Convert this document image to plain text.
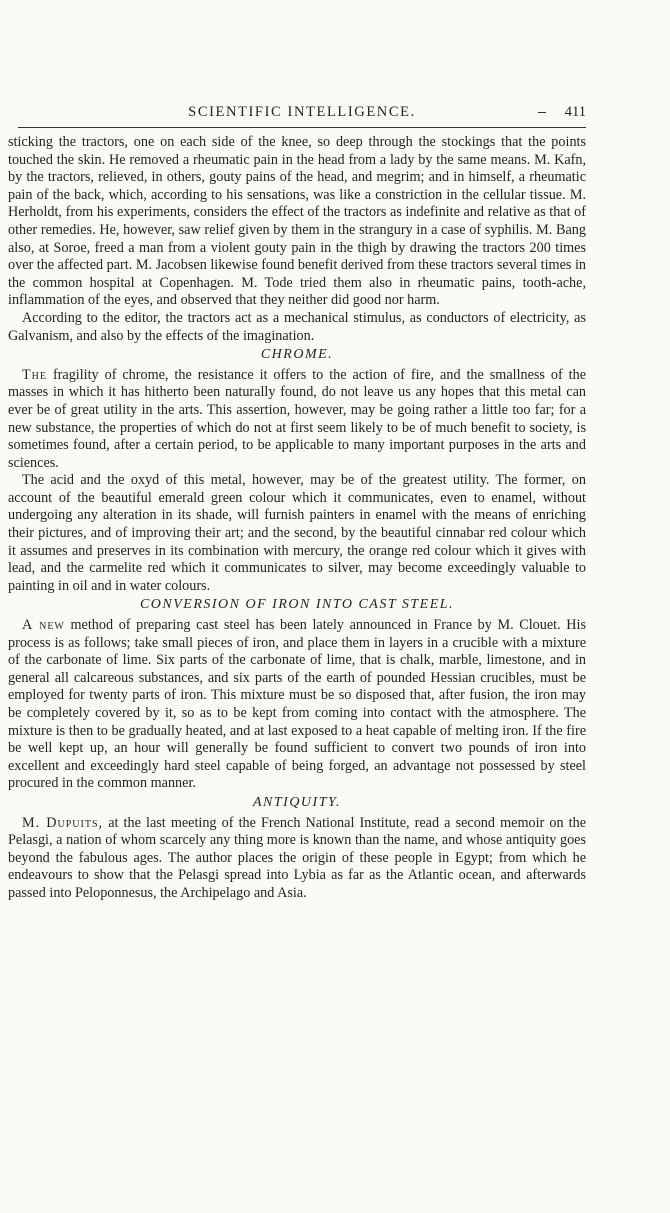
SCIENTIFIC INTELLIGENCE.	411

sticking the tractors, one on each side of the knee, so deep through the stockings that the points touched the skin. He removed a rheumatic pain in the head from a lady by the same means. M. Kafn, by the tractors, relieved, in others, gouty pains of the head, and megrim; and in himself, a rheumatic pain of the back, which, according to his sensations, was like a constriction in the cellular tissue. M. Herholdt, from his experiments, considers the effect of the tractors as indefinite and relative as that of other remedies. He, however, saw relief given by them in the strangury in a case of syphilis. M. Bang also, at Soroe, freed a man from a violent gouty pain in the thigh by drawing the tractors 200 times over the affected part. M. Jacobsen likewise found benefit derived from these tractors several times in the common hospital at Copenhagen. M. Tode tried them also in rheumatic pains, tooth-ache, inflammation of the eyes, and observed that they neither did good nor harm.

According to the editor, the tractors act as a mechanical stimulus, as conductors of electricity, as Galvanism, and also by the effects of the imagination.

CHROME.

The fragility of chrome, the resistance it offers to the action of fire, and the smallness of the masses in which it has hitherto been naturally found, do not leave us any hopes that this metal can ever be of great utility in the arts. This assertion, however, may be going rather a little too far; for a new substance, the properties of which do not at first seem likely to be of much benefit to society, is sometimes found, after a certain period, to be applicable to many important purposes in the arts and sciences.

The acid and the oxyd of this metal, however, may be of the greatest utility. The former, on account of the beautiful emerald green colour which it communicates, even to enamel, without undergoing any alteration in its shade, will furnish painters in enamel with the means of enriching their pictures, and of improving their art; and the second, by the beautiful cinnabar red colour which it assumes and preserves in its combination with mercury, the orange red colour which it gives with lead, and the carmelite red which it communicates to silver, may become exceedingly valuable to painting in oil and in water colours.

CONVERSION OF IRON INTO CAST STEEL.

A new method of preparing cast steel has been lately announced in France by M. Clouet. His process is as follows; take small pieces of iron, and place them in layers in a crucible with a mixture of the carbonate of lime. Six parts of the carbonate of lime, that is chalk, marble, limestone, and in general all calcareous substances, and six parts of the earth of pounded Hessian crucibles, must be employed for twenty parts of iron. This mixture must be so disposed that, after fusion, the iron may be completely covered by it, so as to be kept from coming into contact with the atmosphere. The mixture is then to be gradually heated, and at last exposed to a heat capable of melting iron. If the fire be well kept up, an hour will generally be found sufficient to convert two pounds of iron into excellent and exceedingly hard steel capable of being forged, an advantage not possessed by steel procured in the common manner.

ANTIQUITY.

M. Dupuits, at the last meeting of the French National Institute, read a second memoir on the Pelasgi, a nation of whom scarcely any thing more is known than the name, and whose antiquity goes beyond the fabulous ages. The author places the origin of these people in Egypt; from which he endeavours to show that the Pelasgi spread into Lybia as far as the Atlantic ocean, and afterwards passed into Peloponnesus, the Archipelago and Asia.
